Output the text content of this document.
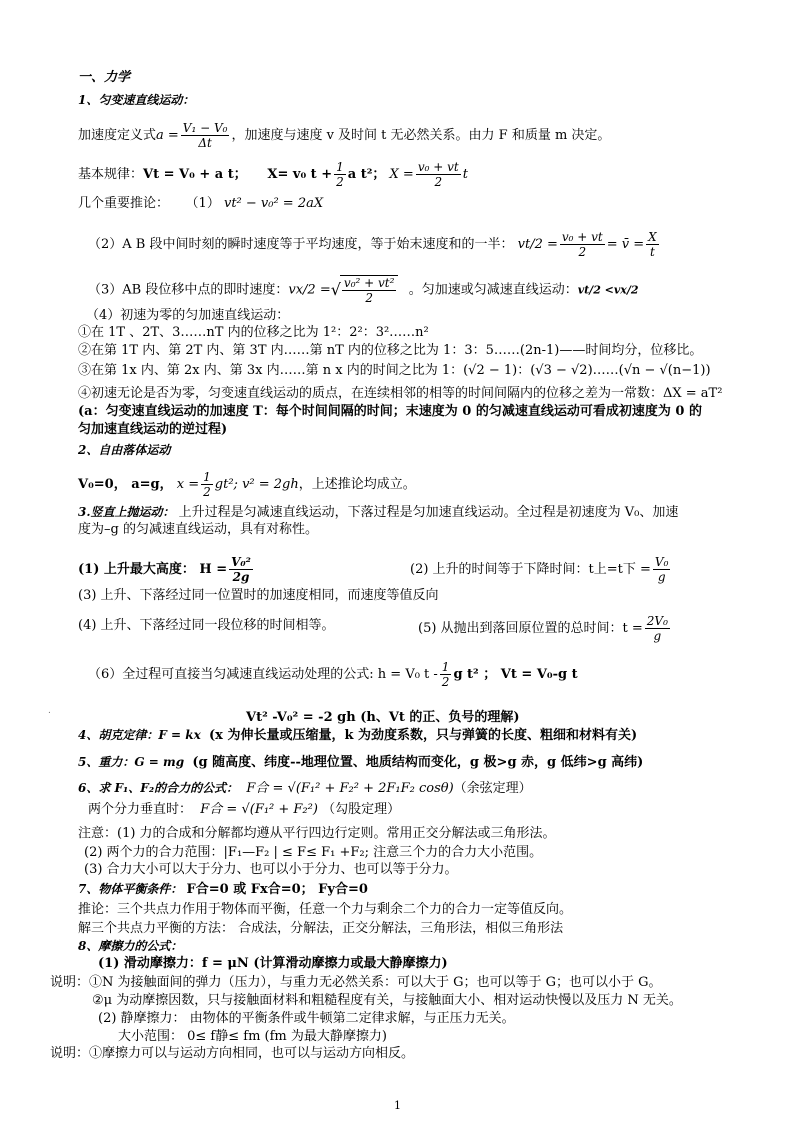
一、力学
1、匀变速直线运动：
加速度定义式$a = \frac{\text{V₁ − V₀}}{\Delta t}$ ，加速度与速度 v 及时间 t 无必然关系。由力 F 和质量 m 决定。
基本规律：Vt = V₀ + a t； X= v₀ $t + \frac{1}{2}$ a t²； $X = \frac{\text{v₀ + vt}}{2}$ t
几个重要推论： （1） vt² − v₀² = 2aX
（2）A B 段中间时刻的瞬时速度等于平均速度，等于始末速度和的一半： $vt/2 = \frac{\text{v₀ + vt}}{2}$ = v̄ = $\frac{X}{t}$
（3）AB 段位移中点的即时速度：vx/2 =√ $\frac{\text{v₀² + vt²}}{2}$ 。匀加速或匀减速直线运动：vt/2 <vx/2
（4）初速为零的匀加速直线运动：
①在 1T 、2T、3……nT 内的位移之比为 1²：2²：3²……n²
②在第 1T 内、第 2T 内、第 3T 内……第 nT 内的位移之比为 1：3：5……(2n-1)——时间均分，位移比。
③在第 1x 内、第 2x 内、第 3x 内……第 n x 内的时间之比为 1：(√2 − 1)：(√3 − √2)……(√n − √(n−1))
④初速无论是否为零，匀变速直线运动的质点，在连续相邻的相等的时间间隔内的位移之差为一常数：ΔX = aT²
(a：匀变速直线运动的加速度 T：每个时间间隔的时间；末速度为 0 的匀减速直线运动可看成初速度为 0 的
匀加速直线运动的逆过程)
2、自由落体运动
V₀=0， a=g， $x = \frac{1}{2} gt^2$; v² = 2gh，上述推论均成立。
3.竖直上抛运动： 上升过程是匀减速直线运动，下落过程是匀加速直线运动。全过程是初速度为 V₀、加速
度为–g 的匀减速直线运动，具有对称性。
(1) 上升最大高度： $H = \frac{\text{V₀²}}{2g}$	(2) 上升的时间等于下降时间：t上=t下 = $\frac{\text{V₀}}{g}$
(3) 上升、下落经过同一位置时的加速度相同，而速度等值反向
(4) 上升、下落经过同一段位移的时间相等。	(5) 从抛出到落回原位置的总时间：$t = \frac{\text{2V₀}}{g}$
（6）全过程可直接当匀减速直线运动处理的公式: h = V₀ t - $\frac{1}{2}$ g t² ； Vt = V₀-g t
.	Vt² -V₀² = -2 gh (h、Vt 的正、负号的理解)
4、胡克定律：F = kx (x 为伸长量或压缩量，k 为劲度系数，只与弹簧的长度、粗细和材料有关)
5、重力：G = mg (g 随高度、纬度--地理位置、地质结构而变化，g 极>g 赤，g 低纬>g 高纬)
6、求 F₁、F₂的合力的公式： F合 = √(F₁² + F₂² + 2F₁F₂ cosθ)（余弦定理）
两个分力垂直时： F合 = √(F₁² + F₂²) （勾股定理）
注意：(1) 力的合成和分解都均遵从平行四边行定则。常用正交分解法或三角形法。
(2) 两个力的合力范围：|F₁—F₂ | ≤ F≤ F₁ +F₂; 注意三个力的合力大小范围。
(3) 合力大小可以大于分力、也可以小于分力、也可以等于分力。
7、物体平衡条件： F合=0 或 Fx合=0； Fy合=0
推论：三个共点力作用于物体而平衡，任意一个力与剩余二个力的合力一定等值反向。
解三个共点力平衡的方法： 合成法，分解法，正交分解法，三角形法，相似三角形法
8、摩擦力的公式：
(1) 滑动摩擦力：f = μN (计算滑动摩擦力或最大静摩擦力)
说明：①N 为接触面间的弹力（压力），与重力无必然关系：可以大于 G；也可以等于 G；也可以小于 G。
②μ 为动摩擦因数，只与接触面材料和粗糙程度有关，与接触面大小、相对运动快慢以及压力 N 无关。
(2) 静摩擦力： 由物体的平衡条件或牛顿第二定律求解，与正压力无关。
大小范围： 0≤ f静≤ fm (fm 为最大静摩擦力)
说明：①摩擦力可以与运动方向相同，也可以与运动方向相反。
1
